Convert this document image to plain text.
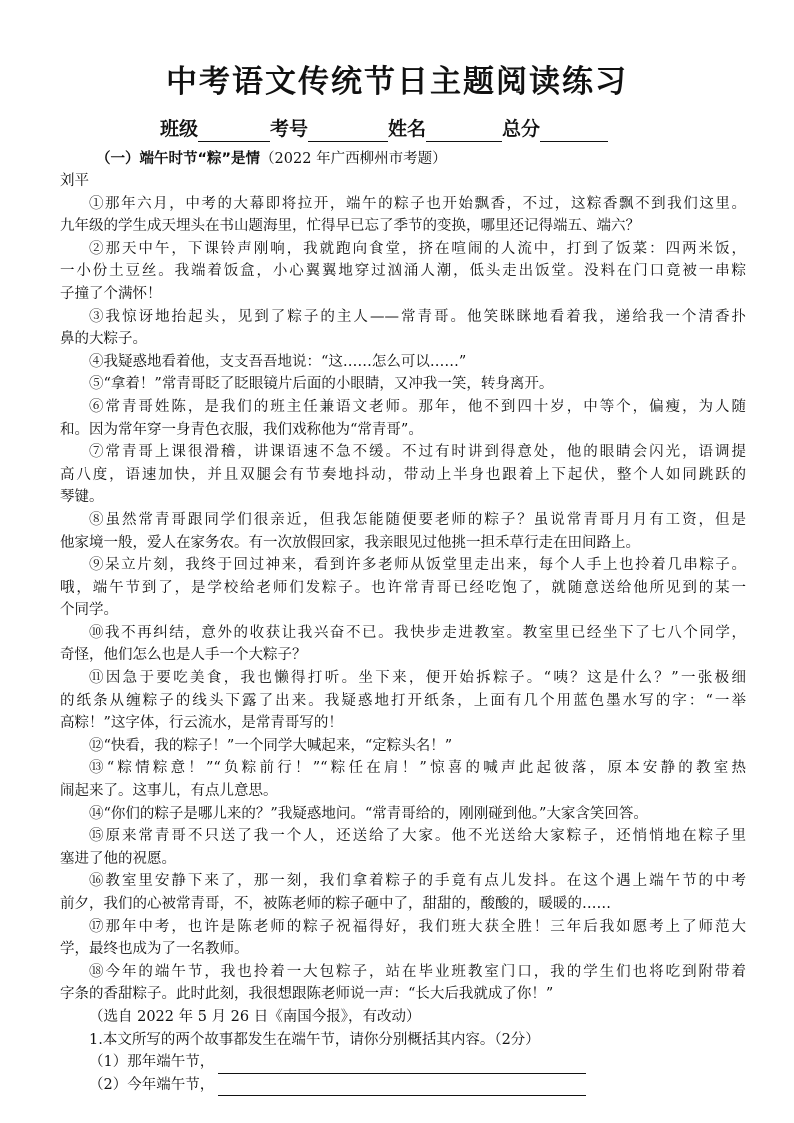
中考语文传统节日主题阅读练习
班级	考号	姓名	总分
（一）端午时节“粽”是情（2022 年广西柳州市考题）
刘平
①那年六月，中考的大幕即将拉开，端午的粽子也开始飘香，不过，这粽香飘不到我们这里。
九年级的学生成天埋头在书山题海里，忙得早已忘了季节的变换，哪里还记得端五、端六？
②那天中午，下课铃声刚响，我就跑向食堂，挤在喧闹的人流中，打到了饭菜：四两米饭，
一小份土豆丝。我端着饭盒，小心翼翼地穿过汹涌人潮，低头走出饭堂。没料在门口竟被一串粽
子撞了个满怀！
③我惊讶地抬起头，见到了粽子的主人——常青哥。他笑眯眯地看着我，递给我一个清香扑
鼻的大粽子。
④我疑惑地看着他，支支吾吾地说：“这……怎么可以……”
⑤“拿着！”常青哥眨了眨眼镜片后面的小眼睛，又冲我一笑，转身离开。
⑥常青哥姓陈，是我们的班主任兼语文老师。那年，他不到四十岁，中等个，偏瘦，为人随
和。因为常年穿一身青色衣服，我们戏称他为“常青哥”。
⑦常青哥上课很滑稽，讲课语速不急不缓。不过有时讲到得意处，他的眼睛会闪光，语调提
高八度，语速加快，并且双腿会有节奏地抖动，带动上半身也跟着上下起伏，整个人如同跳跃的
琴键。
⑧虽然常青哥跟同学们很亲近，但我怎能随便要老师的粽子？虽说常青哥月月有工资，但是
他家境一般，爱人在家务农。有一次放假回家，我亲眼见过他挑一担禾草行走在田间路上。
⑨呆立片刻，我终于回过神来，看到许多老师从饭堂里走出来，每个人手上也拎着几串粽子。
哦，端午节到了，是学校给老师们发粽子。也许常青哥已经吃饱了，就随意送给他所见到的某一
个同学。
⑩我不再纠结，意外的收获让我兴奋不已。我快步走进教室。教室里已经坐下了七八个同学，
奇怪，他们怎么也是人手一个大粽子？
⑪因急于要吃美食，我也懒得打听。坐下来，便开始拆粽子。“咦？这是什么？”一张极细
的纸条从缠粽子的线头下露了出来。我疑惑地打开纸条，上面有几个用蓝色墨水写的字：“一举
高粽！”这字体，行云流水，是常青哥写的！
⑫“快看，我的粽子！”一个同学大喊起来，“定粽头名！”
⑬“粽情粽意！”“负粽前行！”“粽任在肩！”惊喜的喊声此起彼落，原本安静的教室热
闹起来了。这事儿，有点儿意思。
⑭“你们的粽子是哪儿来的？”我疑惑地问。“常青哥给的，刚刚碰到他。”大家含笑回答。
⑮原来常青哥不只送了我一个人，还送给了大家。他不光送给大家粽子，还悄悄地在粽子里
塞进了他的祝愿。
⑯教室里安静下来了，那一刻，我们拿着粽子的手竟有点儿发抖。在这个遇上端午节的中考
前夕，我们的心被常青哥，不，被陈老师的粽子砸中了，甜甜的，酸酸的，暖暖的……
⑰那年中考，也许是陈老师的粽子祝福得好，我们班大获全胜！三年后我如愿考上了师范大
学，最终也成为了一名教师。
⑱今年的端午节，我也拎着一大包粽子，站在毕业班教室门口，我的学生们也将吃到附带着
字条的香甜粽子。此时此刻，我很想跟陈老师说一声：“长大后我就成了你！”
（选自 2022 年 5 月 26 日《南国今报》，有改动）
1.本文所写的两个故事都发生在端午节，请你分别概括其内容。（2分）
（1）那年端午节，
（2）今年端午节，
